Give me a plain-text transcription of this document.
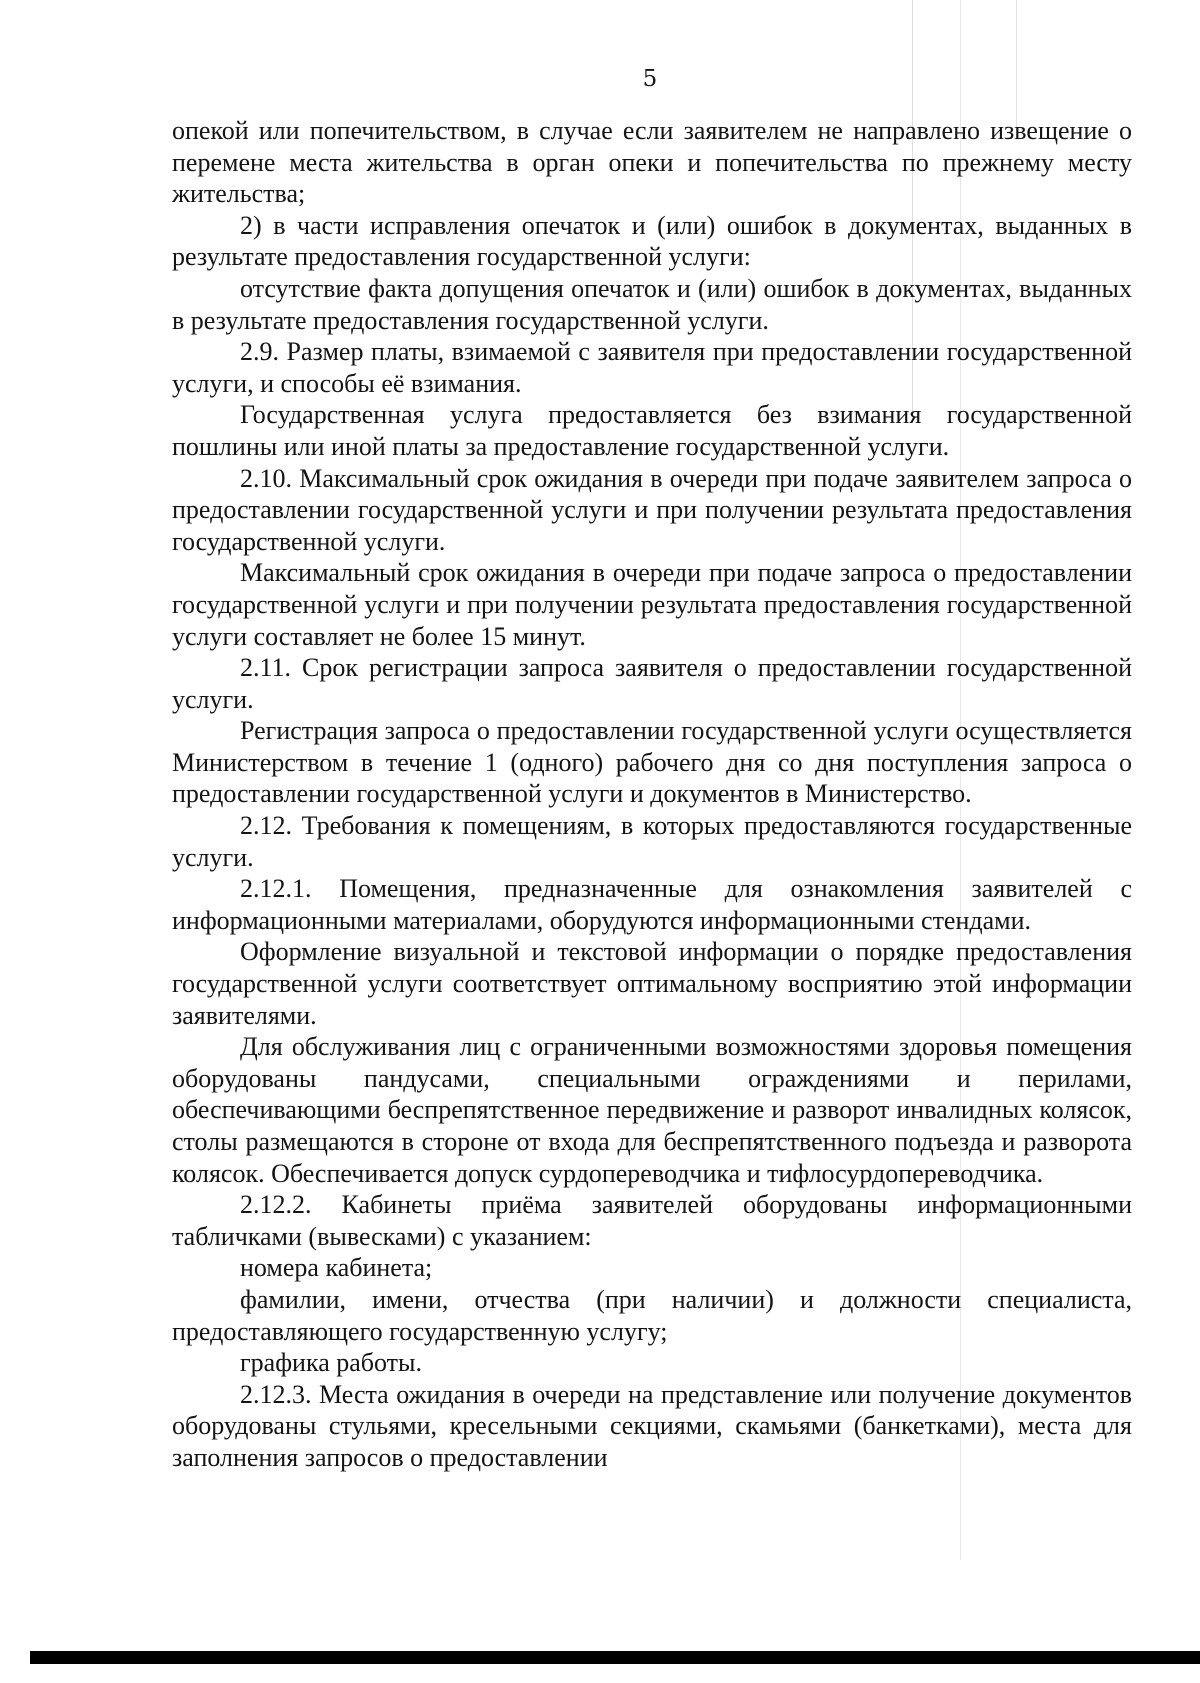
5

опекой или попечительством, в случае если заявителем не направлено извещение о перемене места жительства в орган опеки и попечительства по прежнему месту жительства;

2) в части исправления опечаток и (или) ошибок в документах, выданных в результате предоставления государственной услуги:

отсутствие факта допущения опечаток и (или) ошибок в документах, выданных в результате предоставления государственной услуги.

2.9. Размер платы, взимаемой с заявителя при предоставлении государственной услуги, и способы её взимания.

Государственная услуга предоставляется без взимания государственной пошлины или иной платы за предоставление государственной услуги.

2.10. Максимальный срок ожидания в очереди при подаче заявителем запроса о предоставлении государственной услуги и при получении результата предоставления государственной услуги.

Максимальный срок ожидания в очереди при подаче запроса о предоставлении государственной услуги и при получении результата предоставления государственной услуги составляет не более 15 минут.

2.11. Срок регистрации запроса заявителя о предоставлении государственной услуги.

Регистрация запроса о предоставлении государственной услуги осуществляется Министерством в течение 1 (одного) рабочего дня со дня поступления запроса о предоставлении государственной услуги и документов в Министерство.

2.12. Требования к помещениям, в которых предоставляются государственные услуги.

2.12.1. Помещения, предназначенные для ознакомления заявителей с информационными материалами, оборудуются информационными стендами.

Оформление визуальной и текстовой информации о порядке предоставления государственной услуги соответствует оптимальному восприятию этой информации заявителями.

Для обслуживания лиц с ограниченными возможностями здоровья помещения оборудованы пандусами, специальными ограждениями и перилами, обеспечивающими беспрепятственное передвижение и разворот инвалидных колясок, столы размещаются в стороне от входа для беспрепятственного подъезда и разворота колясок. Обеспечивается допуск сурдопереводчика и тифлосурдопереводчика.

2.12.2. Кабинеты приёма заявителей оборудованы информационными табличками (вывесками) с указанием:

номера кабинета;

фамилии, имени, отчества (при наличии) и должности специалиста, предоставляющего государственную услугу;

графика работы.

2.12.3. Места ожидания в очереди на представление или получение документов оборудованы стульями, кресельными секциями, скамьями (банкетками), места для заполнения запросов о предоставлении
